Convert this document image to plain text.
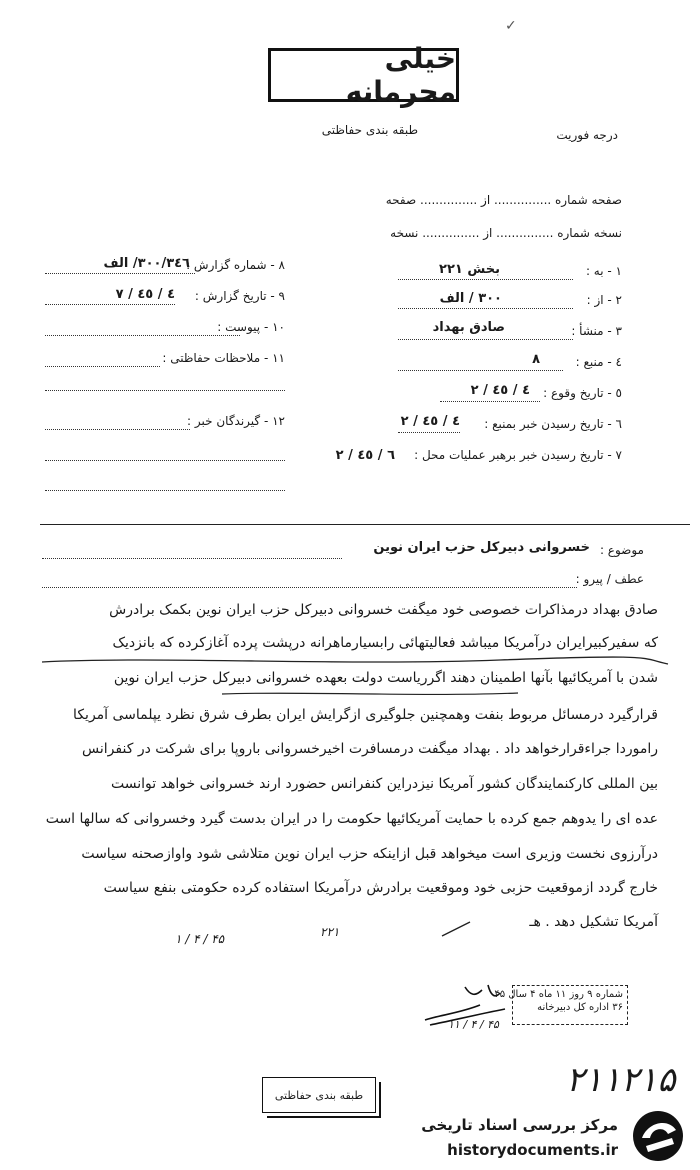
خیلی محرمانه
✓
درجه فوریت
طبقه بندی حفاظتی
صفحه شماره ............... از ............... صفحه
نسخه شماره ............... از ............... نسخه
۱ - به :
بخش ۲۲۱
۲ - از :
۳۰۰ / الف
۳ - منشأ :
صادق بهداد
٤ - منبع :
۸
٥ - تاریخ وقوع :
۲ / ٤ / ٤٥
٦ - تاریخ رسیدن خبر بمنبع :
۲ / ٤ / ٤٥
۷ - تاریخ رسیدن خبر برهبر عملیات محل :
۲ / ٦ / ٤٥
۸ - شماره گزارش :
۳۰۰/۳٤٦/ الف
۹ - تاریخ گزارش :
۷ / ٤ / ٤٥
۱۰ - پیوست :
۱۱ - ملاحظات حفاظتی :
۱۲ - گیرندگان خبر :
موضوع :
خسروانی دبیرکل حزب ایران نوین
عطف / پیرو :
صادق بهداد درمذاکرات خصوصی خود میگفت خسروانی دبیرکل حزب ایران نوین بکمک برادرش
که سفیرکبیرایران درآمریکا میباشد فعالیتهائی رابسیارماهرانه درپشت پرده آغازکرده که بانزدیک
شدن با آمریکائیها بآنها اطمینان دهند اگرریاست دولت بعهده خسروانی دبیرکل حزب ایران نوین
قرارگیرد درمسائل مربوط بنفت وهمچنین جلوگیری ازگرایش ایران بطرف شرق نظرد یپلماسی آمریکا
راموردا جراءقرارخواهد داد . بهداد میگفت درمسافرت اخیرخسروانی باروپا برای شرکت در کنفرانس
بین المللی کارکنمایندگان کشور آمریکا نیزدراین کنفرانس حضورد ارند خسروانی خواهد توانست
عده ای را یدوهم جمع کرده با حمایت آمریکائیها حکومت را در ایران بدست گیرد وخسروانی که سالها است
درآرزوی نخست وزیری است میخواهد قبل ازاینکه حزب ایران نوین متلاشی شود واوازصحنه سیاست
خارج گردد ازموقعیت حزبی خود وموقعیت برادرش درآمریکا استفاده کرده حکومتی بنفع سیاست
آمریکا تشکیل دهد . هـ
۲۲۱
۱ / ۴ / ۴۵
۱۱ / ۴ / ۴۵
شماره ۹ روز ۱۱ ماه ۴ سال ۴۵
۳۶ اداره کل دبیرخانه
۲۱۱۲۱۵
طبقه بندی حفاظتی
مرکز بررسی اسناد تاریخی
historydocuments.ir
